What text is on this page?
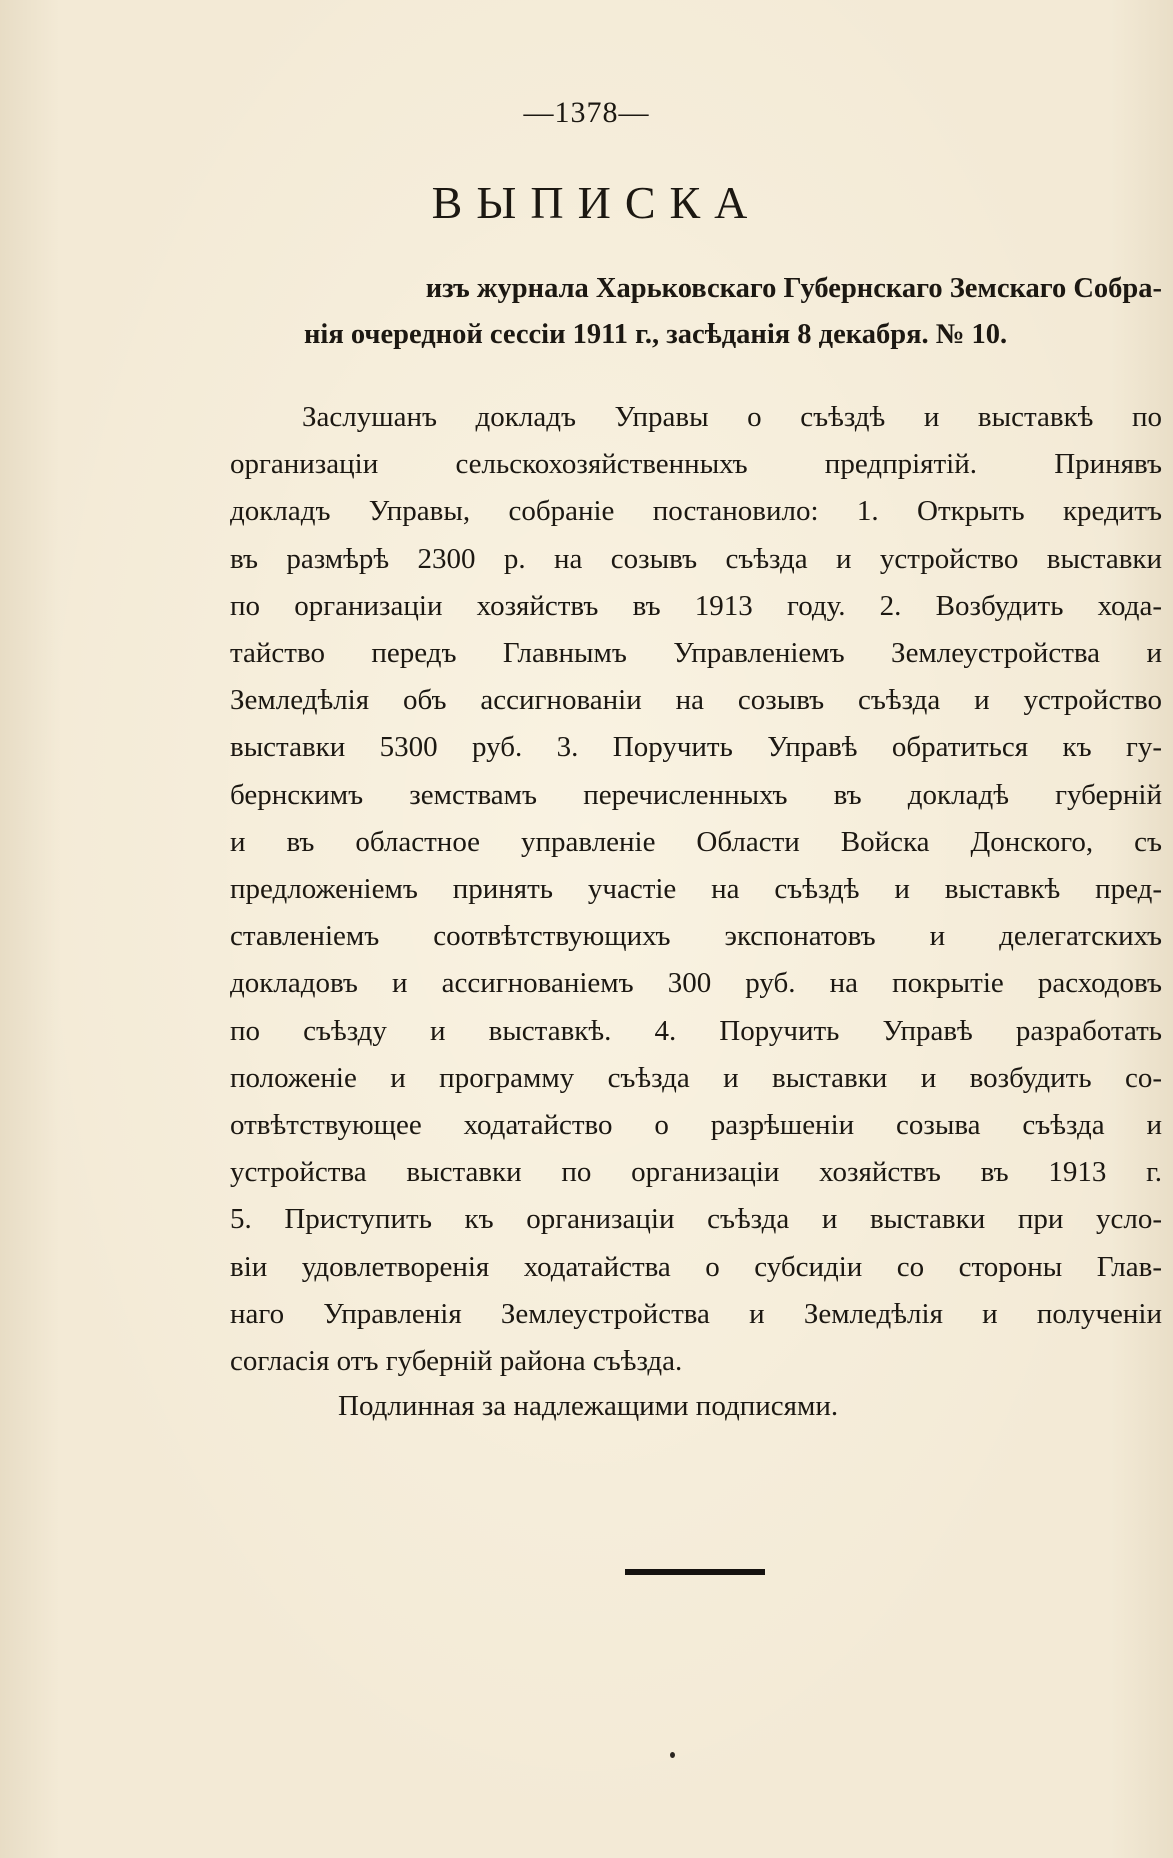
—1378—
ВЫПИСКА
изъ журнала Харьковскаго Губернскаго Земскаго Собра-
нія очередной сессіи 1911 г., засѣданія 8 декабря. № 10.
Заслушанъ докладъ Управы о съѣздѣ и выставкѣ по
организаціи сельскохозяйственныхъ предпріятій. Принявъ
докладъ Управы, собраніе постановило: 1. Открыть кредитъ
въ размѣрѣ 2300 р. на созывъ съѣзда и устройство выставки
по организаціи хозяйствъ въ 1913 году. 2. Возбудить хода-
тайство передъ Главнымъ Управленіемъ Землеустройства и
Земледѣлія объ ассигнованіи на созывъ съѣзда и устройство
выставки 5300 руб. 3. Поручить Управѣ обратиться къ гу-
бернскимъ земствамъ перечисленныхъ въ докладѣ губерній
и въ областное управленіе Области Войска Донского, съ
предложеніемъ принять участіе на съѣздѣ и выставкѣ пред-
ставленіемъ соотвѣтствующихъ экспонатовъ и делегатскихъ
докладовъ и ассигнованіемъ 300 руб. на покрытіе расходовъ
по съѣзду и выставкѣ. 4. Поручить Управѣ разработать
положеніе и программу съѣзда и выставки и возбудить со-
отвѣтствующее ходатайство о разрѣшеніи созыва съѣзда и
устройства выставки по организаціи хозяйствъ въ 1913 г.
5. Приступить къ организаціи съѣзда и выставки при усло-
віи удовлетворенія ходатайства о субсидіи со стороны Глав-
наго Управленія Землеустройства и Земледѣлія и полученіи
согласія отъ губерній района съѣзда.
Подлинная за надлежащими подписями.
